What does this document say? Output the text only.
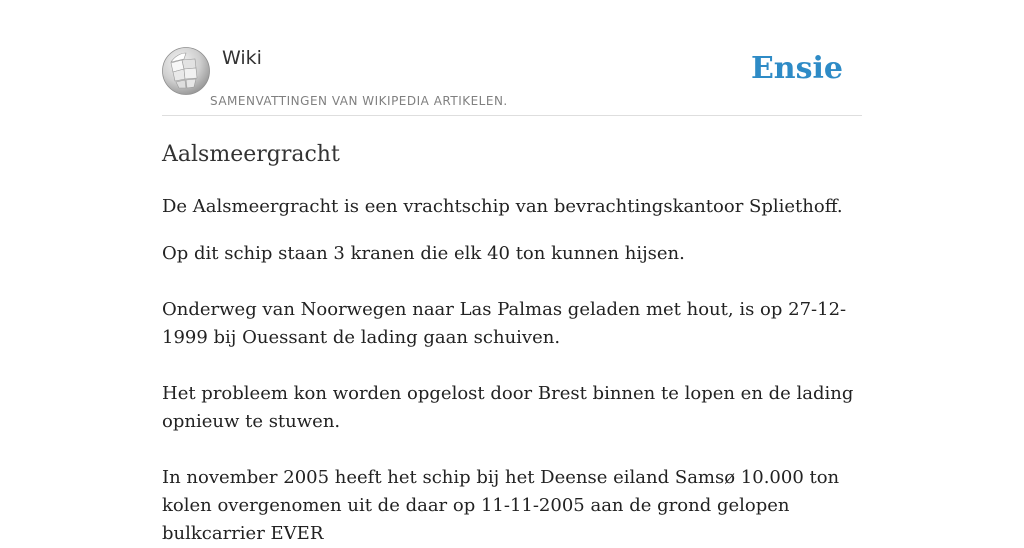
Wiki
SAMENVATTINGEN VAN WIKIPEDIA ARTIKELEN.
Ensie
Aalsmeergracht

De Aalsmeergracht is een vrachtschip van bevrachtingskantoor Spliethoff.

Op dit schip staan 3 kranen die elk 40 ton kunnen hijsen.

Onderweg van Noorwegen naar Las Palmas geladen met hout, is op 27-12-1999 bij Ouessant de lading gaan schuiven.

Het probleem kon worden opgelost door Brest binnen te lopen en de lading opnieuw te stuwen.

In november 2005 heeft het schip bij het Deense eiland Samsø 10.000 ton kolen overgenomen uit de daar op 11-11-2005 aan de grond gelopen bulkcarrier EVER
